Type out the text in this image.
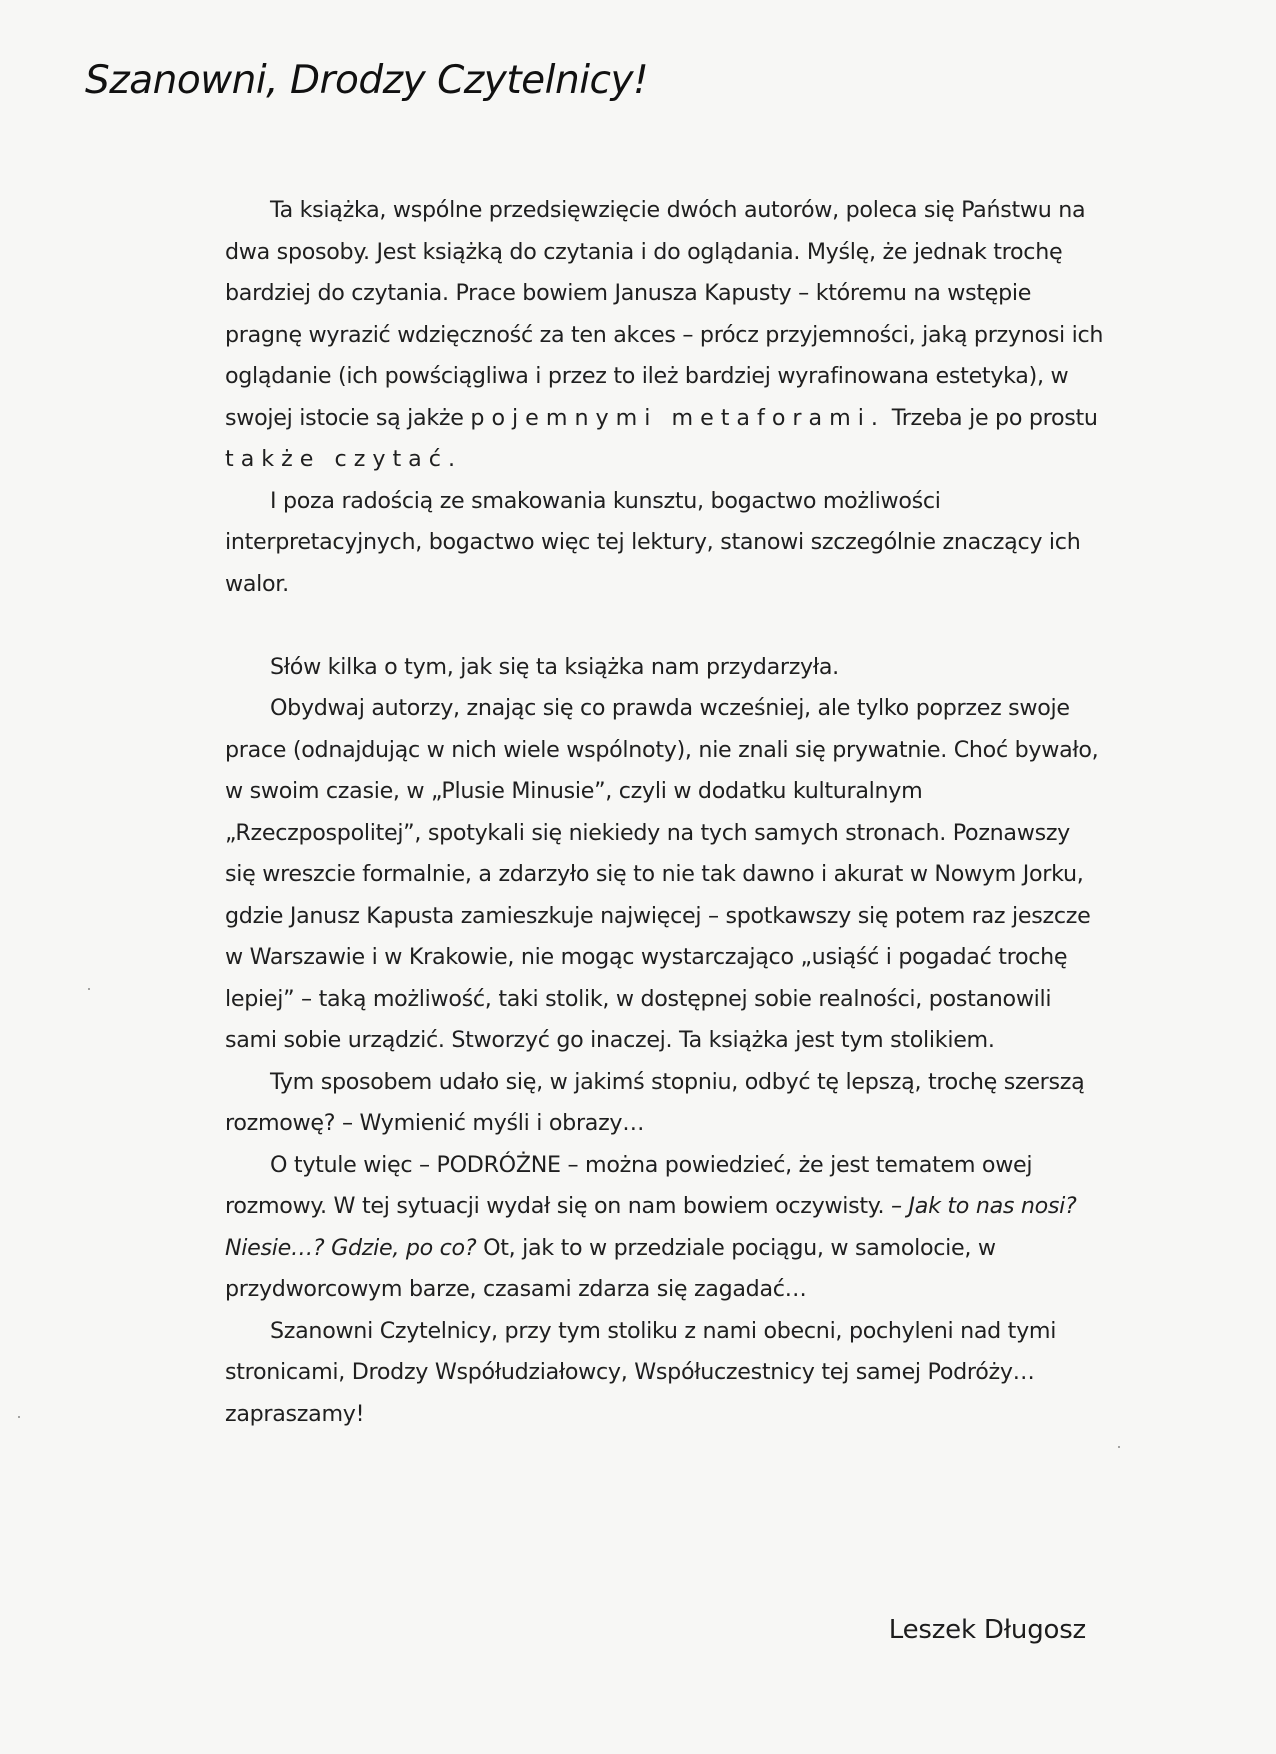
Szanowni, Drodzy Czytelnicy!

Ta książka, wspólne przedsięwzięcie dwóch autorów, poleca się Państwu na dwa sposoby. Jest książką do czytania i do oglądania. Myślę, że jednak trochę bardziej do czytania. Prace bowiem Janusza Kapusty – któremu na wstępie pragnę wyrazić wdzięczność za ten akces – prócz przyjemności, jaką przynosi ich oglądanie (ich powściągliwa i przez to ileż bardziej wyrafinowana estetyka), w swojej istocie są jakże pojemnymi metaforami. Trzeba je po prostu także czytać.

I poza radością ze smakowania kunsztu, bogactwo możliwości interpretacyjnych, bogactwo więc tej lektury, stanowi szczególnie znaczący ich walor.

Słów kilka o tym, jak się ta książka nam przydarzyła.

Obydwaj autorzy, znając się co prawda wcześniej, ale tylko poprzez swoje prace (odnajdując w nich wiele wspólnoty), nie znali się prywatnie. Choć bywało, w swoim czasie, w „Plusie Minusie”, czyli w dodatku kulturalnym „Rzeczpospolitej”, spotykali się niekiedy na tych samych stronach. Poznawszy się wreszcie formalnie, a zdarzyło się to nie tak dawno i akurat w Nowym Jorku, gdzie Janusz Kapusta zamieszkuje najwięcej – spotkawszy się potem raz jeszcze w Warszawie i w Krakowie, nie mogąc wystarczająco „usiąść i pogadać trochę lepiej” – taką możliwość, taki stolik, w dostępnej sobie realności, postanowili sami sobie urządzić. Stworzyć go inaczej. Ta książka jest tym stolikiem.

Tym sposobem udało się, w jakimś stopniu, odbyć tę lepszą, trochę szerszą rozmowę? – Wymienić myśli i obrazy…

O tytule więc – PODRÓŻNE – można powiedzieć, że jest tematem owej rozmowy. W tej sytuacji wydał się on nam bowiem oczywisty. – Jak to nas nosi? Niesie…? Gdzie, po co? Ot, jak to w przedziale pociągu, w samolocie, w przydworcowym barze, czasami zdarza się zagadać…

Szanowni Czytelnicy, przy tym stoliku z nami obecni, pochyleni nad tymi stronicami, Drodzy Współudziałowcy, Współuczestnicy tej samej Podróży… zapraszamy!

Leszek Długosz
